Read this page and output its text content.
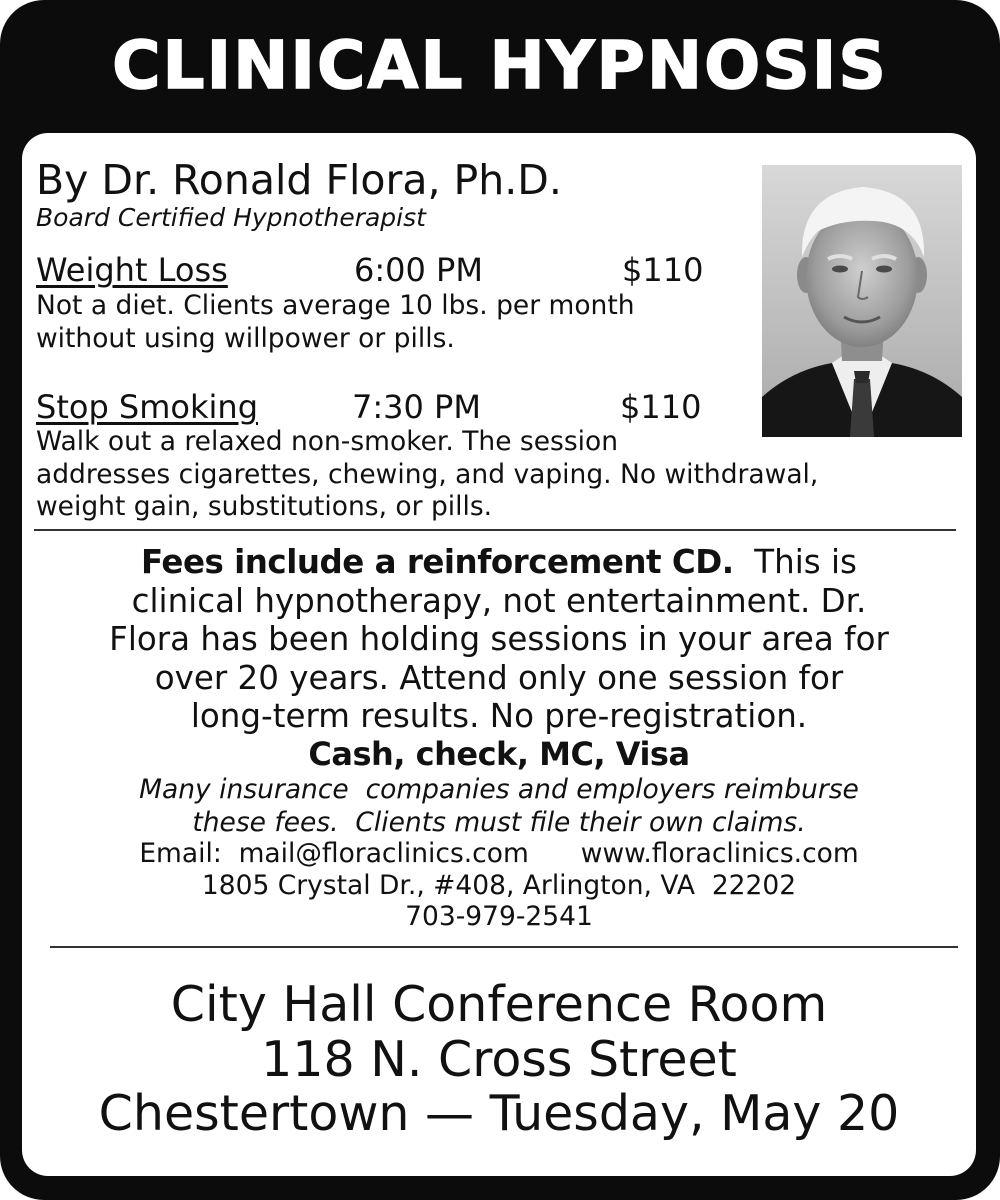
CLINICAL HYPNOSIS
By Dr. Ronald Flora, Ph.D.
Board Certified Hypnotherapist
Weight Loss	6:00 PM	$110
Not a diet. Clients average 10 lbs. per month
without using willpower or pills.
Stop Smoking	7:30 PM	$110
Walk out a relaxed non-smoker. The session
addresses cigarettes, chewing, and vaping. No withdrawal,
weight gain, substitutions, or pills.
Fees include a reinforcement CD.  This is
clinical hypnotherapy, not entertainment. Dr.
Flora has been holding sessions in your area for
over 20 years. Attend only one session for
long-term results. No pre-registration.
Cash, check, MC, Visa
Many insurance  companies and employers reimburse
these fees.  Clients must file their own claims.
Email:  mail@floraclinics.com www.floraclinics.com
1805 Crystal Dr., #408, Arlington, VA  22202
703-979-2541
City Hall Conference Room
118 N. Cross Street
Chestertown — Tuesday, May 20
